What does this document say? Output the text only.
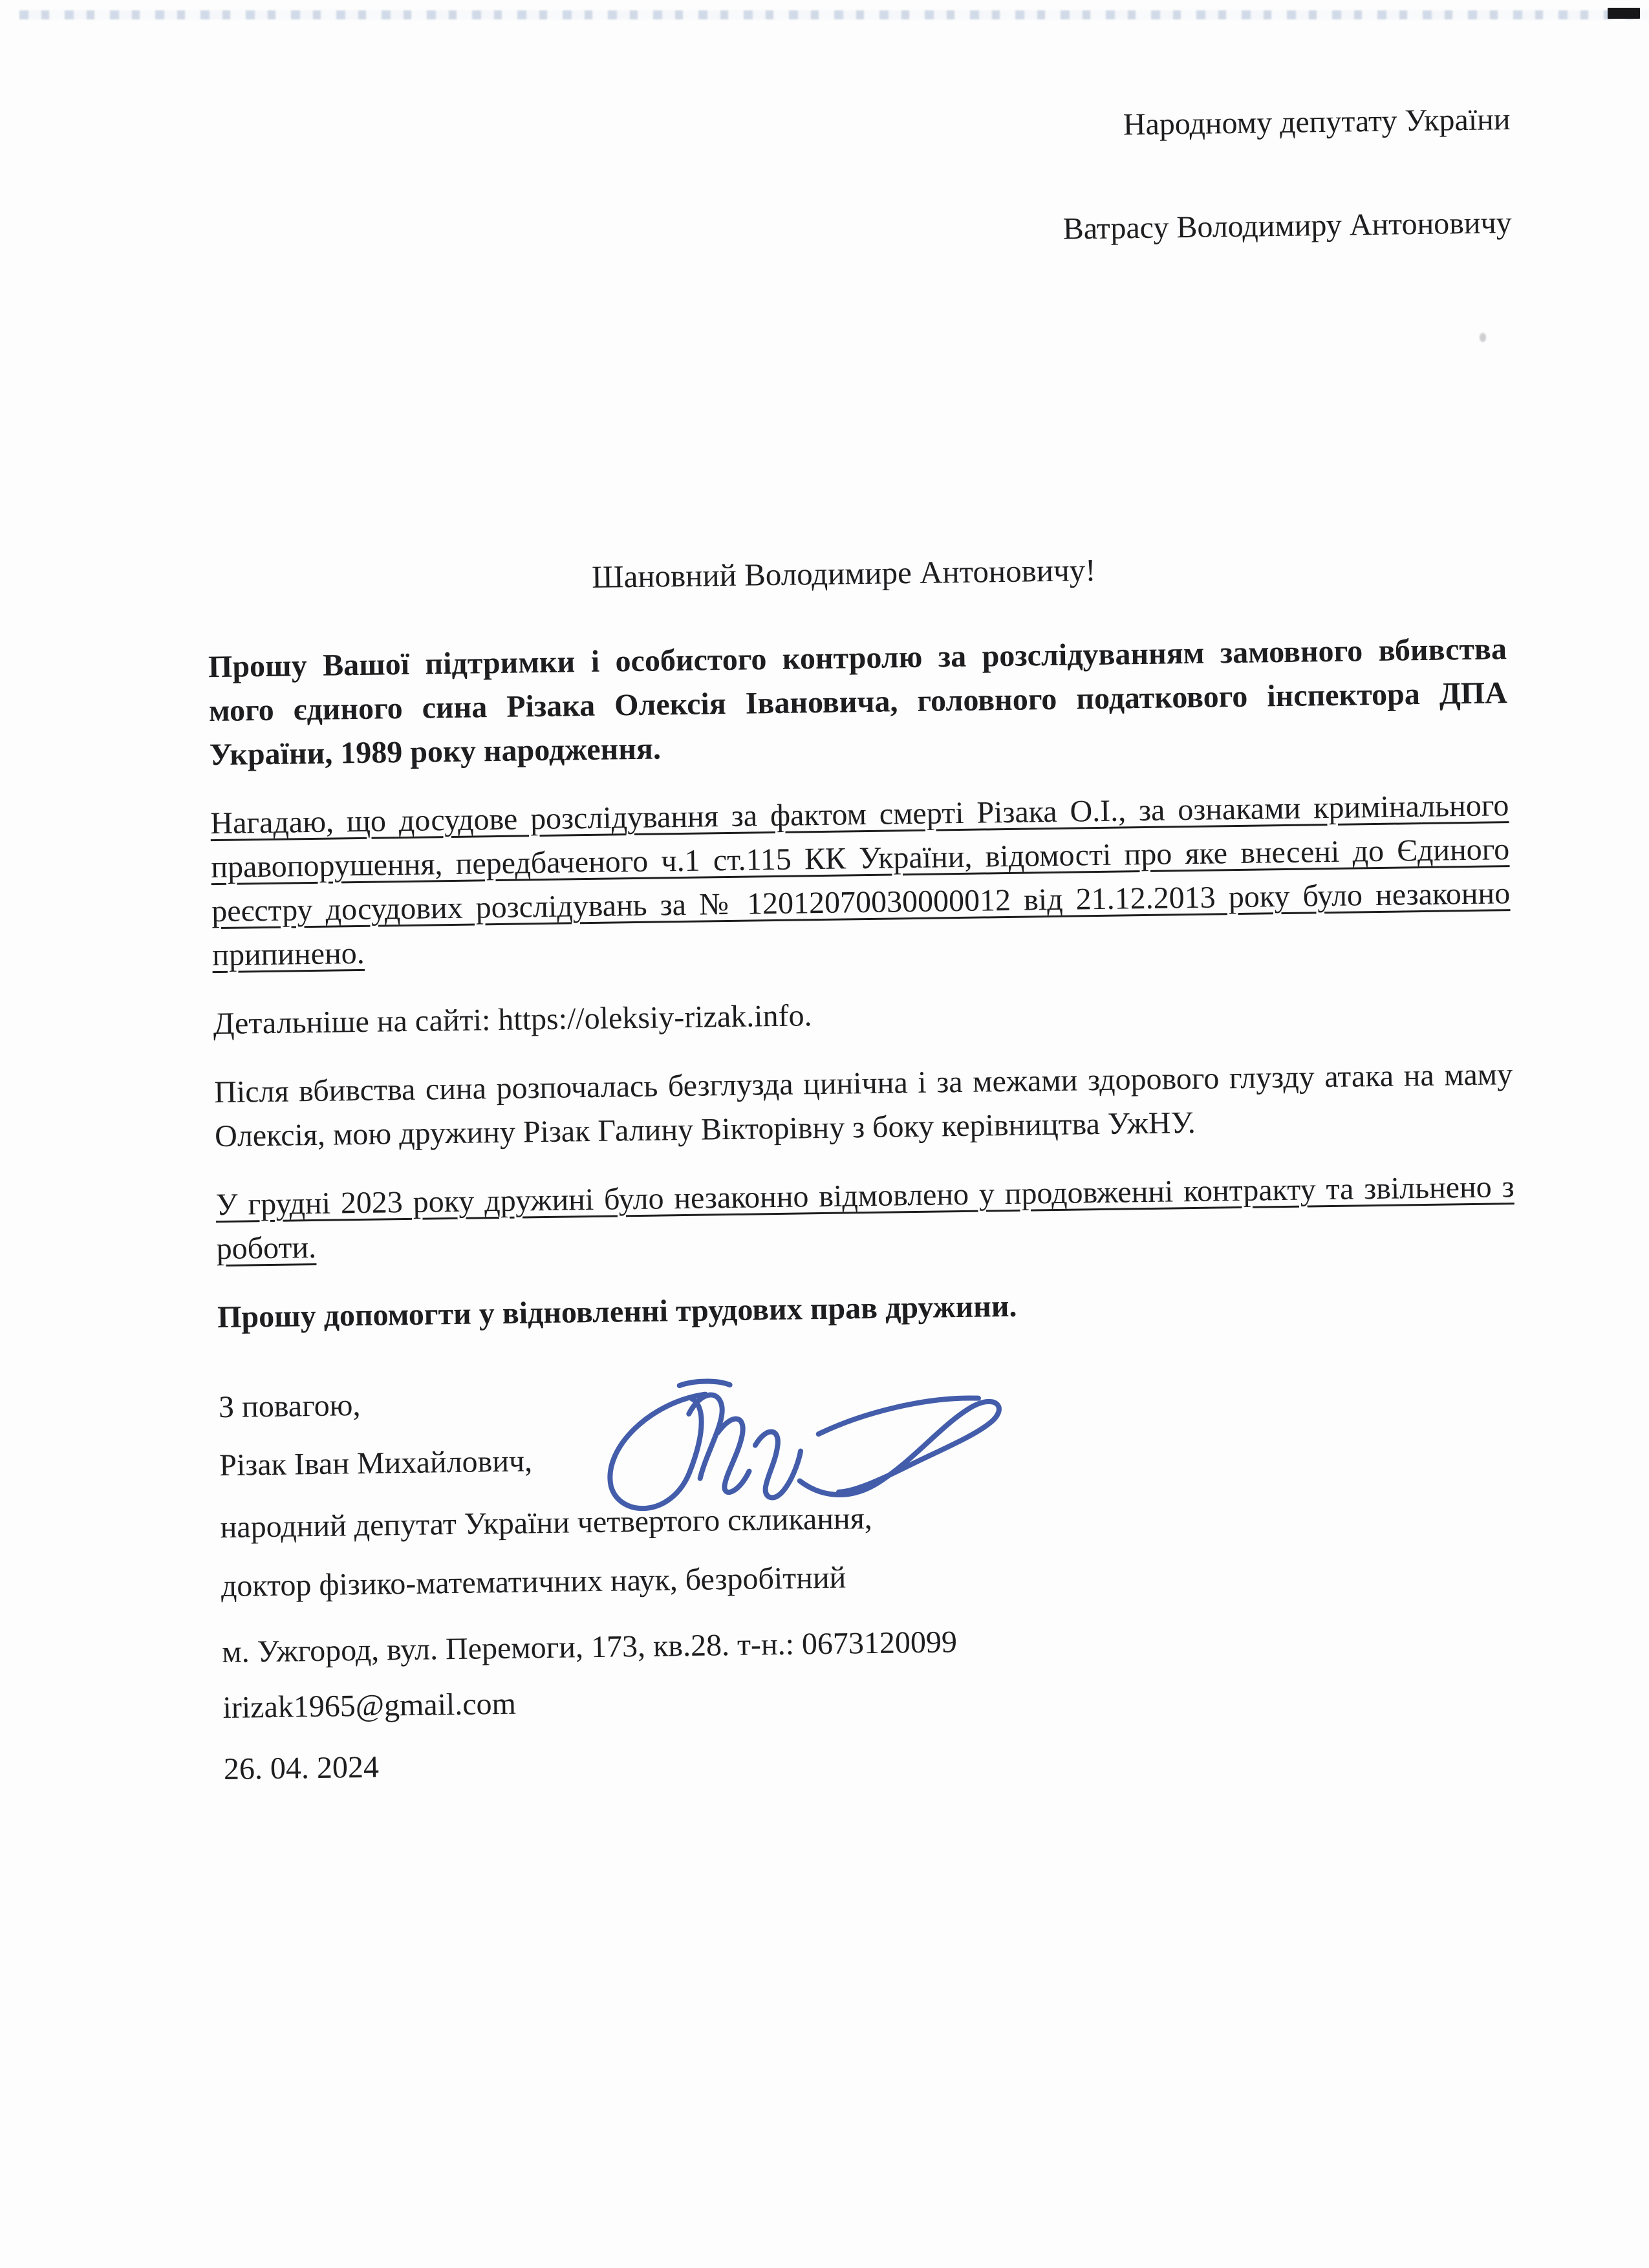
Народному депутату України
Ватрасу Володимиру Антоновичу
Шановний Володимире Антоновичу!

Прошу Вашої підтримки і особистого контролю за розслідуванням замовного вбивства мого єдиного сина Різака Олексія Івановича, головного податкового інспектора ДПА України, 1989 року народження.

Нагадаю, що досудове розслідування за фактом смерті Різака О.І., за ознаками кримінального правопорушення, передбаченого ч.1 ст.115 КК України, відомості про яке внесені до Єдиного реєстру досудових розслідувань за № 12012070030000012 від 21.12.2013 року було незаконно припинено.

Детальніше на сайті: https://oleksiy-rizak.info.

Після вбивства сина розпочалась безглузда цинічна і за межами здорового глузду атака на маму Олексія, мою дружину Різак Галину Вікторівну з боку керівництва УжНУ.

У грудні 2023 року дружині було незаконно відмовлено у продовженні контракту та звільнено з роботи.

Прошу допомогти у відновленні трудових прав дружини.

З повагою,
Різак Іван Михайлович,
народний депутат України четвертого скликання,
доктор фізико-математичних наук, безробітний
м. Ужгород, вул. Перемоги, 173, кв.28. т-н.: 0673120099
irizak1965@gmail.com
26. 04. 2024
